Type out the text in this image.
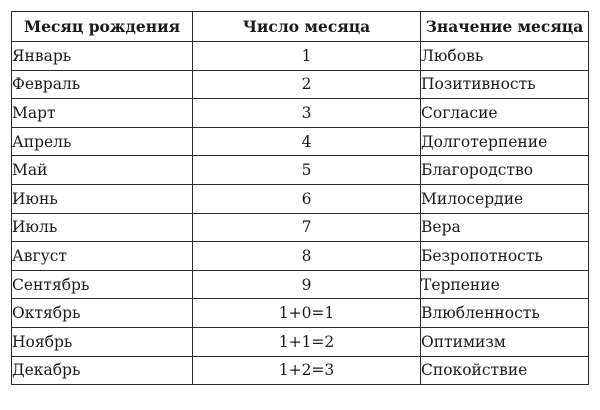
Месяц рождения	Число месяца	Значение месяца
Январь	1	Любовь
Февраль	2	Позитивность
Март	3	Согласие
Апрель	4	Долготерпение
Май	5	Благородство
Июнь	6	Милосердие
Июль	7	Вера
Август	8	Безропотность
Сентябрь	9	Терпение
Октябрь	1+0=1	Влюбленность
Ноябрь	1+1=2	Оптимизм
Декабрь	1+2=3	Спокойствие
